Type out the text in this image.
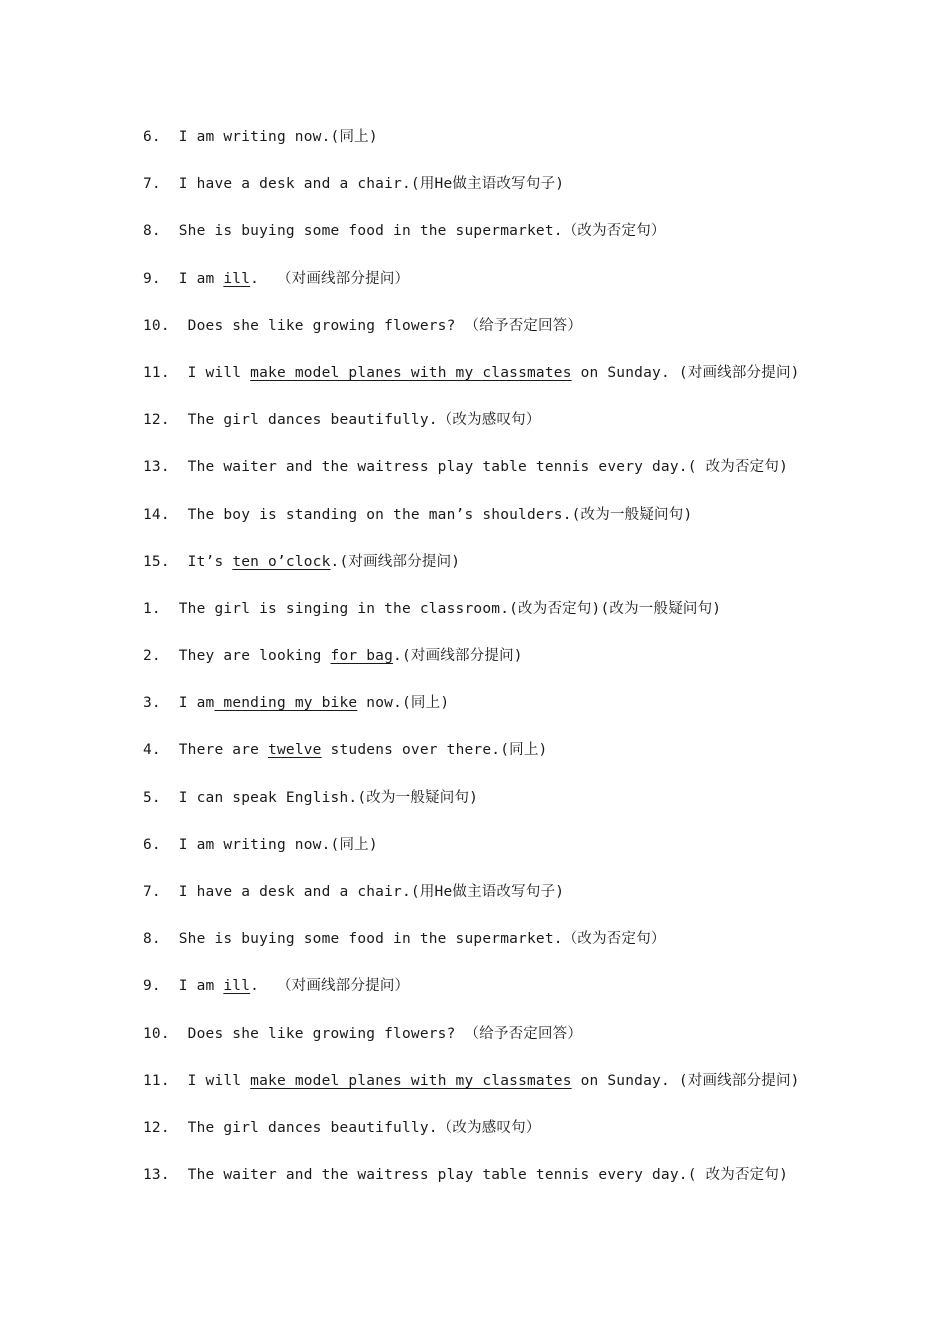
6.  I am writing now.(同上)
7.  I have a desk and a chair.(用He做主语改写句子)
8.  She is buying some food in the supermarket.（改为否定句）
9.  I am ill.  （对画线部分提问）
10.  Does she like growing flowers? （给予否定回答）
11.  I will make model planes with my classmates on Sunday. (对画线部分提问)
12.  The girl dances beautifully.（改为感叹句）
13.  The waiter and the waitress play table tennis every day.( 改为否定句)
14.  The boy is standing on the man’s shoulders.(改为一般疑问句)
15.  It’s ten o’clock.(对画线部分提问)
1.  The girl is singing in the classroom.(改为否定句)(改为一般疑问句)
2.  They are looking for bag.(对画线部分提问)
3.  I am mending my bike now.(同上)
4.  There are twelve studens over there.(同上)
5.  I can speak English.(改为一般疑问句)
6.  I am writing now.(同上)
7.  I have a desk and a chair.(用He做主语改写句子)
8.  She is buying some food in the supermarket.（改为否定句）
9.  I am ill.  （对画线部分提问）
10.  Does she like growing flowers? （给予否定回答）
11.  I will make model planes with my classmates on Sunday. (对画线部分提问)
12.  The girl dances beautifully.（改为感叹句）
13.  The waiter and the waitress play table tennis every day.( 改为否定句)
